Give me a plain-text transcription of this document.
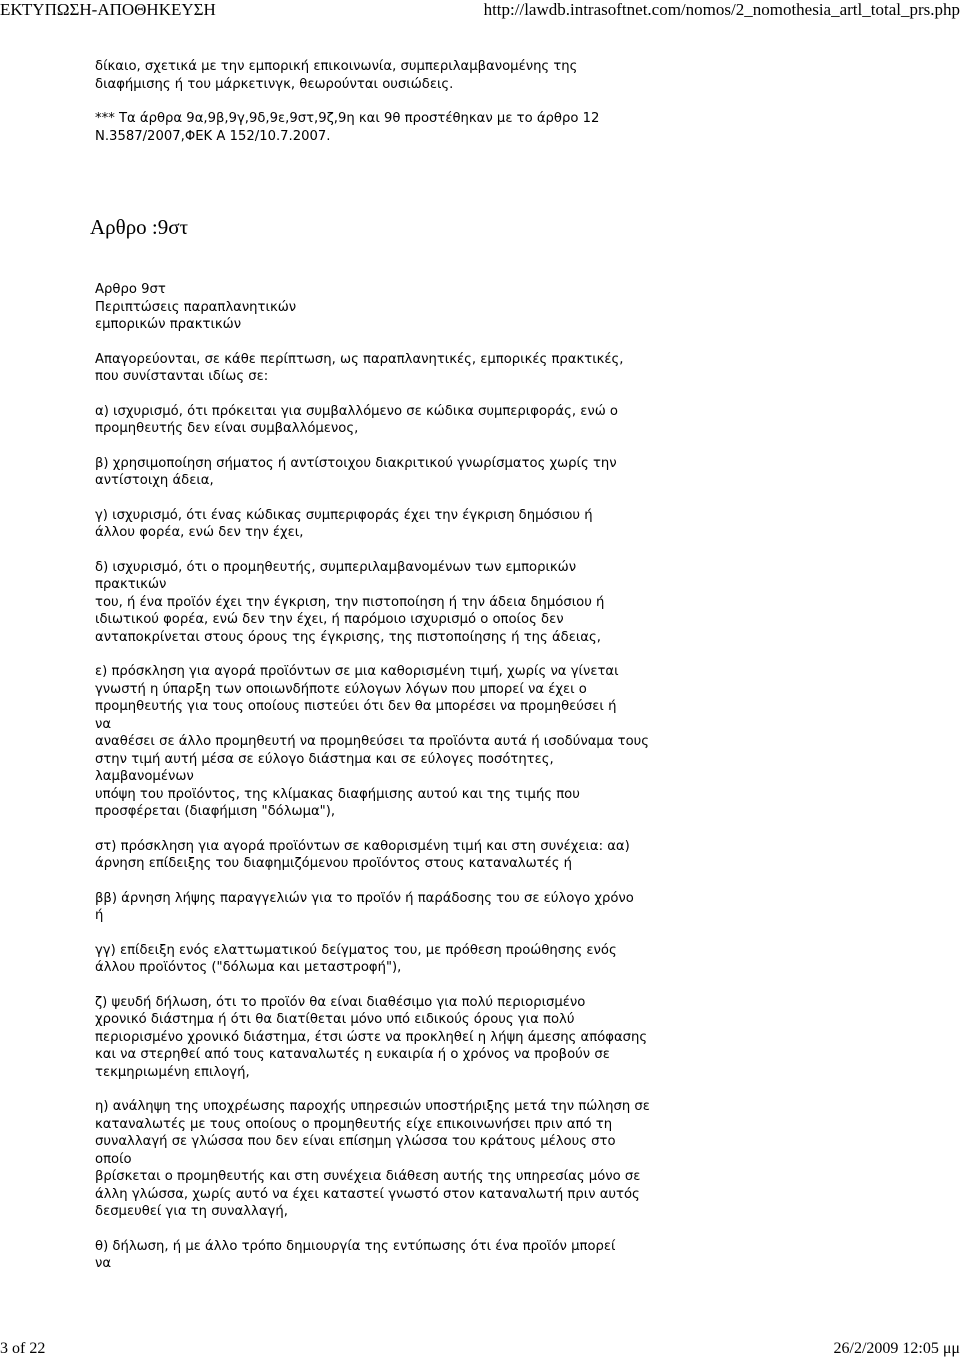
ΕΚΤΥΠΩΣΗ-ΑΠΟΘΗΚΕΥΣΗ	http://lawdb.intrasoftnet.com/nomos/2_nomothesia_artl_total_prs.php

δίκαιο, σχετικά με την εμπορική επικοινωνία, συμπεριλαμβανομένης της
διαφήμισης ή του μάρκετινγκ, θεωρούνται ουσιώδεις.

*** Τα άρθρα 9α,9β,9γ,9δ,9ε,9στ,9ζ,9η και 9θ προστέθηκαν με το άρθρο 12
Ν.3587/2007,ΦΕΚ Α 152/10.7.2007.

Αρθρο 9στ
Περιπτώσεις παραπλανητικών
εμπορικών πρακτικών

Απαγορεύονται, σε κάθε περίπτωση, ως παραπλανητικές, εμπορικές πρακτικές,
που συνίστανται ιδίως σε:

α) ισχυρισμό, ότι πρόκειται για συμβαλλόμενο σε κώδικα συμπεριφοράς, ενώ ο
προμηθευτής δεν είναι συμβαλλόμενος,

β) χρησιμοποίηση σήματος ή αντίστοιχου διακριτικού γνωρίσματος χωρίς την
αντίστοιχη άδεια,

γ) ισχυρισμό, ότι ένας κώδικας συμπεριφοράς έχει την έγκριση δημόσιου ή
άλλου φορέα, ενώ δεν την έχει,

δ) ισχυρισμό, ότι ο προμηθευτής, συμπεριλαμβανομένων των εμπορικών
πρακτικών
του, ή ένα προϊόν έχει την έγκριση, την πιστοποίηση ή την άδεια δημόσιου ή
ιδιωτικού φορέα, ενώ δεν την έχει, ή παρόμοιο ισχυρισμό ο οποίος δεν
ανταποκρίνεται στους όρους της έγκρισης, της πιστοποίησης ή της άδειας,

ε) πρόσκληση για αγορά προϊόντων σε μια καθορισμένη τιμή, χωρίς να γίνεται
γνωστή η ύπαρξη των οποιωνδήποτε εύλογων λόγων που μπορεί να έχει ο
προμηθευτής για τους οποίους πιστεύει ότι δεν θα μπορέσει να προμηθεύσει ή
να
αναθέσει σε άλλο προμηθευτή να προμηθεύσει τα προϊόντα αυτά ή ισοδύναμα τους
στην τιμή αυτή μέσα σε εύλογο διάστημα και σε εύλογες ποσότητες,
λαμβανομένων
υπόψη του προϊόντος, της κλίμακας διαφήμισης αυτού και της τιμής που
προσφέρεται (διαφήμιση "δόλωμα"),

στ) πρόσκληση για αγορά προϊόντων σε καθορισμένη τιμή και στη συνέχεια: αα)
άρνηση επίδειξης του διαφημιζόμενου προϊόντος στους καταναλωτές ή

ββ) άρνηση λήψης παραγγελιών για το προϊόν ή παράδοσης του σε εύλογο χρόνο
ή

γγ) επίδειξη ενός ελαττωματικού δείγματος του, με πρόθεση προώθησης ενός
άλλου προϊόντος ("δόλωμα και μεταστροφή"),

ζ) ψευδή δήλωση, ότι το προϊόν θα είναι διαθέσιμο για πολύ περιορισμένο
χρονικό διάστημα ή ότι θα διατίθεται μόνο υπό ειδικούς όρους για πολύ
περιορισμένο χρονικό διάστημα, έτσι ώστε να προκληθεί η λήψη άμεσης απόφασης
και να στερηθεί από τους καταναλωτές η ευκαιρία ή ο χρόνος να προβούν σε
τεκμηριωμένη επιλογή,

η) ανάληψη της υποχρέωσης παροχής υπηρεσιών υποστήριξης μετά την πώληση σε
καταναλωτές με τους οποίους ο προμηθευτής είχε επικοινωνήσει πριν από τη
συναλλαγή σε γλώσσα που δεν είναι επίσημη γλώσσα του κράτους μέλους στο
οποίο
βρίσκεται ο προμηθευτής και στη συνέχεια διάθεση αυτής της υπηρεσίας μόνο σε
άλλη γλώσσα, χωρίς αυτό να έχει καταστεί γνωστό στον καταναλωτή πριν αυτός
δεσμευθεί για τη συναλλαγή,

θ) δήλωση, ή με άλλο τρόπο δημιουργία της εντύπωσης ότι ένα προϊόν μπορεί
να

Αρθρο :9στ
3 of 22	26/2/2009 12:05 μμ
